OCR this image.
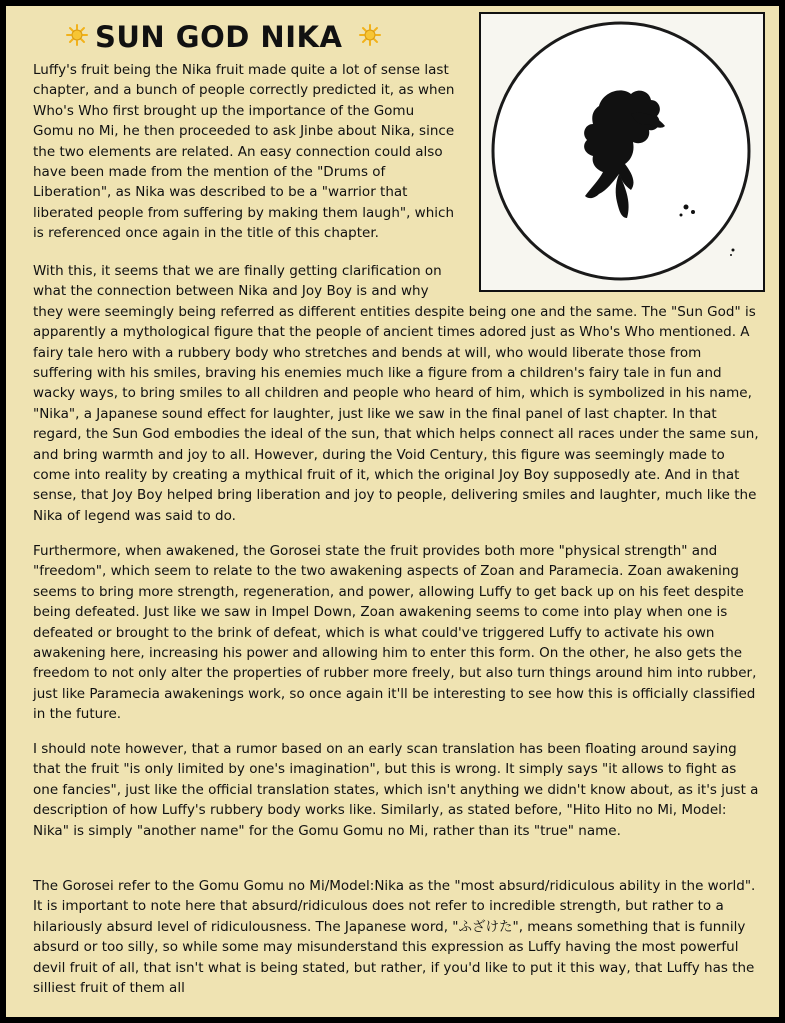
SUN GOD NIKA

Luffy's fruit being the Nika fruit made quite a lot of sense last chapter, and a bunch of people correctly predicted it, as when Who's Who first brought up the importance of the Gomu Gomu no Mi, he then proceeded to ask Jinbe about Nika, since the two elements are related. An easy connection could also have been made from the mention of the "Drums of Liberation", as Nika was described to be a "warrior that liberated people from suffering by making them laugh", which is referenced once again in the title of this chapter.

With this, it seems that we are finally getting clarification on what the connection between Nika and Joy Boy is and why
they were seemingly being referred as different entities despite being one and the same. The "Sun God" is apparently a mythological figure that the people of ancient times adored just as Who's Who mentioned. A fairy tale hero with a rubbery body who stretches and bends at will, who would liberate those from suffering with his smiles, braving his enemies much like a figure from a children's fairy tale in fun and wacky ways, to bring smiles to all children and people who heard of him, which is symbolized in his name, "Nika", a Japanese sound effect for laughter, just like we saw in the final panel of last chapter. In that regard, the Sun God embodies the ideal of the sun, that which helps connect all races under the same sun, and bring warmth and joy to all. However, during the Void Century, this figure was seemingly made to come into reality by creating a mythical fruit of it, which the original Joy Boy supposedly ate. And in that sense, that Joy Boy helped bring liberation and joy to people, delivering smiles and laughter, much like the Nika of legend was said to do.

Furthermore, when awakened, the Gorosei state the fruit provides both more "physical strength" and "freedom", which seem to relate to the two awakening aspects of Zoan and Paramecia. Zoan awakening seems to bring more strength, regeneration, and power, allowing Luffy to get back up on his feet despite being defeated. Just like we saw in Impel Down, Zoan awakening seems to come into play when one is defeated or brought to the brink of defeat, which is what could've triggered Luffy to activate his own awakening here, increasing his power and allowing him to enter this form. On the other, he also gets the freedom to not only alter the properties of rubber more freely, but also turn things around him into rubber, just like Paramecia awakenings work, so once again it'll be interesting to see how this is officially classified in the future.

I should note however, that a rumor based on an early scan translation has been floating around saying that the fruit "is only limited by one's imagination", but this is wrong. It simply says "it allows to fight as one fancies", just like the official translation states, which isn't anything we didn't know about, as it's just a description of how Luffy's rubbery body works like. Similarly, as stated before, "Hito Hito no Mi, Model: Nika" is simply "another name" for the Gomu Gomu no Mi, rather than its "true" name.

The Gorosei refer to the Gomu Gomu no Mi/Model:Nika as the "most absurd/ridiculous ability in the world". It is important to note here that absurd/ridiculous does not refer to incredible strength, but rather to a hilariously absurd level of ridiculousness. The Japanese word, "ふざけた", means something that is funnily absurd or too silly, so while some may misunderstand this expression as Luffy having the most powerful devil fruit of all, that isn't what is being stated, but rather, if you'd like to put it this way, that Luffy has the silliest fruit of them all
